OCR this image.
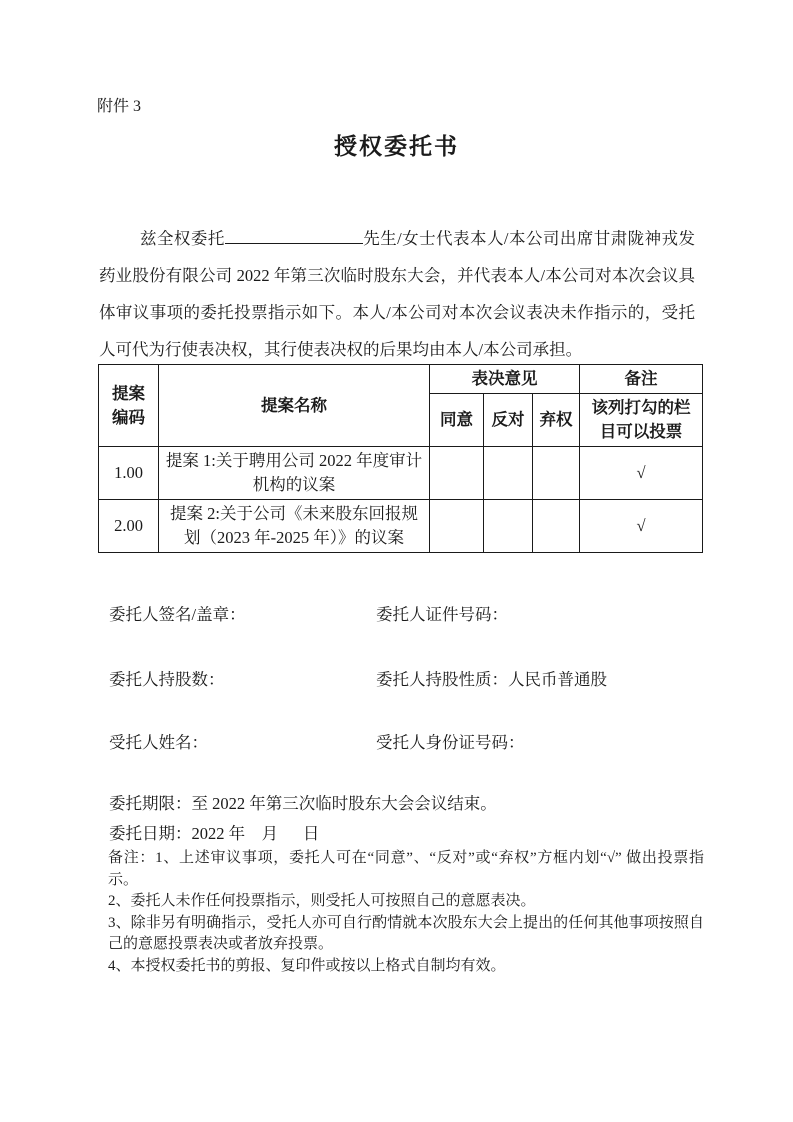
附件 3
授权委托书

兹全权委托	先生/女士代表本人/本公司出席甘肃陇神戎发药业股份有限公司 2022 年第三次临时股东大会，并代表本人/本公司对本次会议具体审议事项的委托投票指示如下。本人/本公司对本次会议表决未作指示的，受托人可代为行使表决权，其行使表决权的后果均由本人/本公司承担。

提案编码	提案名称	表决意见			备注
		同意	反对	弃权	该列打勾的栏目可以投票
1.00	提案 1:关于聘用公司 2022 年度审计机构的议案				√
2.00	提案 2:关于公司《未来股东回报规划（2023 年-2025 年）》的议案				√
委托人签名/盖章：	委托人证件号码：
委托人持股数：	委托人持股性质：人民币普通股
受托人姓名：	受托人身份证号码：
委托期限：至 2022 年第三次临时股东大会会议结束。
委托日期：2022 年    月      日

备注：1、上述审议事项，委托人可在“同意”、“反对”或“弃权”方框内划“√” 做出投票指示。

2、委托人未作任何投票指示，则受托人可按照自己的意愿表决。

3、除非另有明确指示，受托人亦可自行酌情就本次股东大会上提出的任何其他事项按照自己的意愿投票表决或者放弃投票。

4、本授权委托书的剪报、复印件或按以上格式自制均有效。
